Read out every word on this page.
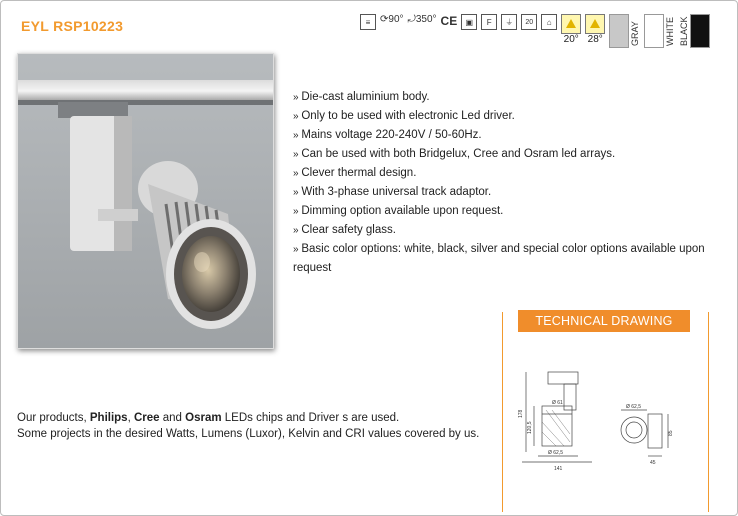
EYL RSP10223	≡ ⟳ 90° ⤾ 350° CE	▣	F	⏚	20	⌂
20° 28°	GRAY	WHITE BLACK
» Die-cast aluminium body.
» Only to be used with electronic Led driver.
» Mains voltage 220-240V / 50-60Hz.
» Can be used with both Bridgelux, Cree and Osram led arrays.
» Clever thermal design.
» With 3-phase universal track adaptor.
» Dimming option available upon request.
» Clear safety glass.
» Basic color options: white, black, silver and special color options available upon request
TECHNICAL DRAWING
178
120,5
Ø 61
Ø 62,5
141
Ø 62,5
85
45
Our products, Philips, Cree and Osram LEDs chips and Driver s are used.
Some projects in the desired Watts, Lumens (Luxor), Kelvin and CRI values covered by us.
